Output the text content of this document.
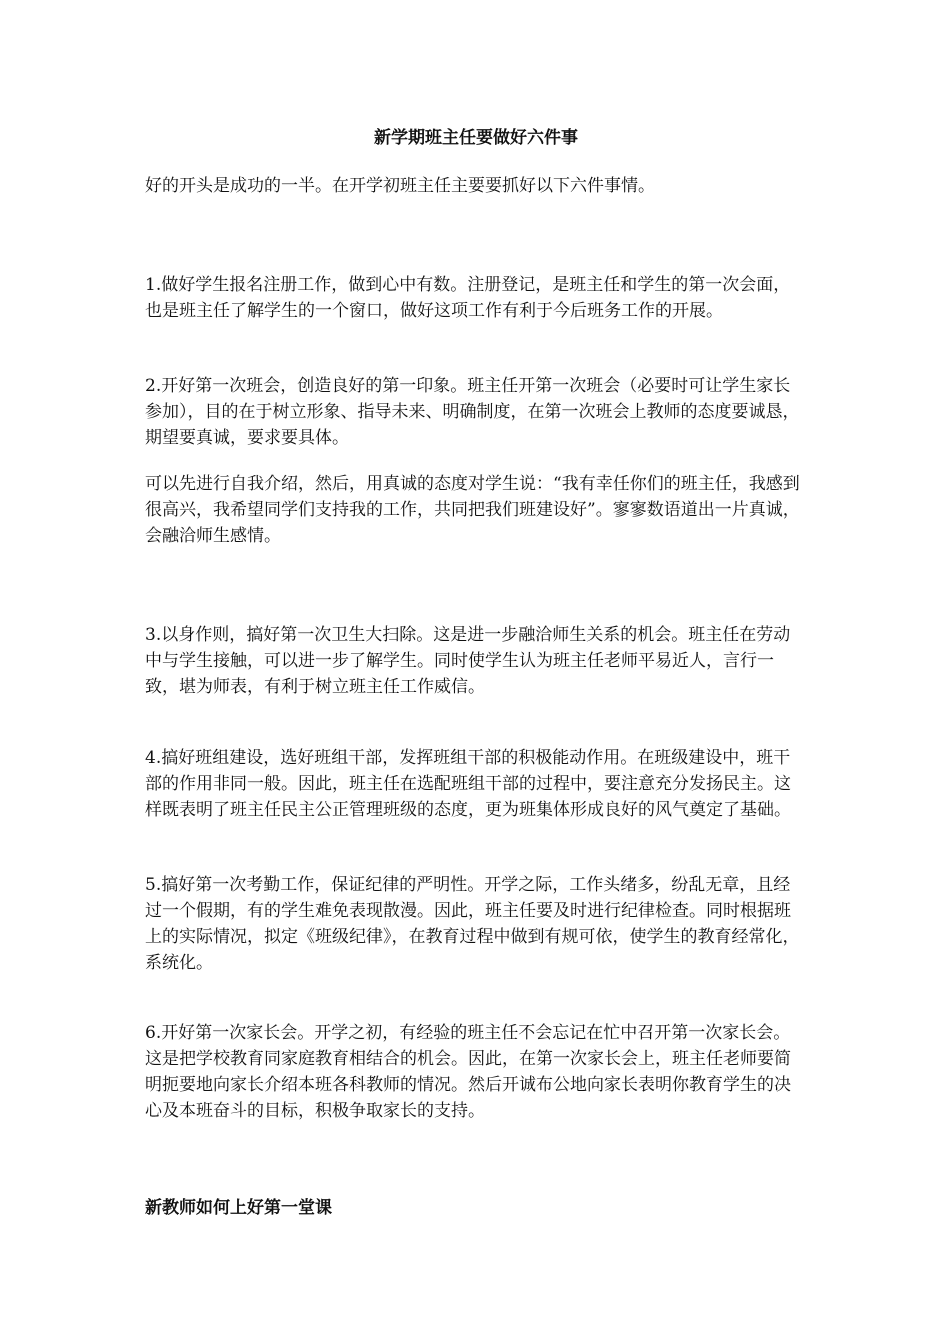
新学期班主任要做好六件事

好的开头是成功的一半。在开学初班主任主要要抓好以下六件事情。

1.做好学生报名注册工作，做到心中有数。注册登记，是班主任和学生的第一次会面，也是班主任了解学生的一个窗口，做好这项工作有利于今后班务工作的开展。

2.开好第一次班会，创造良好的第一印象。班主任开第一次班会（必要时可让学生家长参加），目的在于树立形象、指导未来、明确制度，在第一次班会上教师的态度要诚恳，期望要真诚，要求要具体。

可以先进行自我介绍，然后，用真诚的态度对学生说：“我有幸任你们的班主任，我感到很高兴，我希望同学们支持我的工作，共同把我们班建设好”。寥寥数语道出一片真诚，会融洽师生感情。

3.以身作则，搞好第一次卫生大扫除。这是进一步融洽师生关系的机会。班主任在劳动中与学生接触，可以进一步了解学生。同时使学生认为班主任老师平易近人，言行一致，堪为师表，有利于树立班主任工作威信。

4.搞好班组建设，选好班组干部，发挥班组干部的积极能动作用。在班级建设中，班干部的作用非同一般。因此，班主任在选配班组干部的过程中，要注意充分发扬民主。这样既表明了班主任民主公正管理班级的态度，更为班集体形成良好的风气奠定了基础。

5.搞好第一次考勤工作，保证纪律的严明性。开学之际，工作头绪多，纷乱无章，且经过一个假期，有的学生难免表现散漫。因此，班主任要及时进行纪律检查。同时根据班上的实际情况，拟定《班级纪律》，在教育过程中做到有规可依，使学生的教育经常化，系统化。

6.开好第一次家长会。开学之初，有经验的班主任不会忘记在忙中召开第一次家长会。这是把学校教育同家庭教育相结合的机会。因此，在第一次家长会上，班主任老师要简明扼要地向家长介绍本班各科教师的情况。然后开诚布公地向家长表明你教育学生的决心及本班奋斗的目标，积极争取家长的支持。

新教师如何上好第一堂课
